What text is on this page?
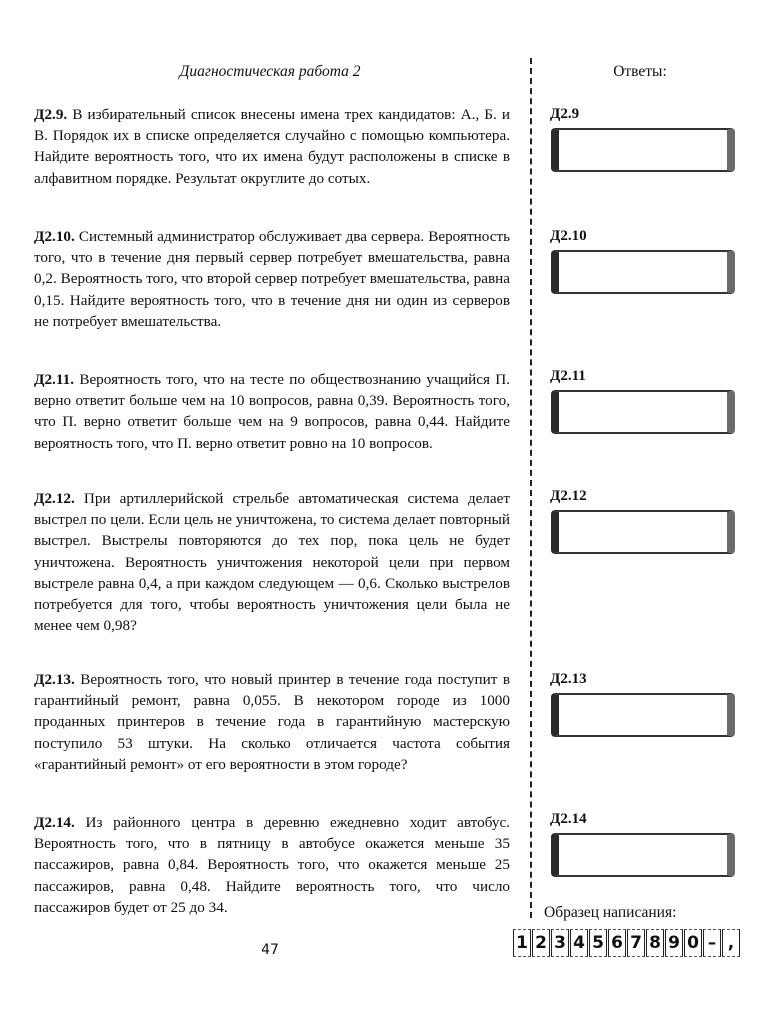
Диагностическая работа 2	Ответы:
Д2.9. В избирательный список внесены имена трех кандидатов: А., Б. и В. Порядок их в списке определяется случайно с помощью компьютера. Найдите вероятность того, что их имена будут расположены в списке в алфавитном порядке. Результат округлите до сотых.
Д2.10. Системный администратор обслуживает два сервера. Вероятность того, что в течение дня первый сервер потребует вмешательства, равна 0,2. Вероятность того, что второй сервер потребует вмешательства, равна 0,15. Найдите вероятность того, что в течение дня ни один из серверов не потребует вмешательства.
Д2.11. Вероятность того, что на тесте по обществознанию учащийся П. верно ответит больше чем на 10 вопросов, равна 0,39. Вероятность того, что П. верно ответит больше чем на 9 вопросов, равна 0,44. Найдите вероятность того, что П. верно ответит ровно на 10 вопросов.
Д2.12. При артиллерийской стрельбе автоматическая система делает выстрел по цели. Если цель не уничтожена, то система делает повторный выстрел. Выстрелы повторяются до тех пор, пока цель не будет уничтожена. Вероятность уничтожения некоторой цели при первом выстреле равна 0,4, а при каждом следующем — 0,6. Сколько выстрелов потребуется для того, чтобы вероятность уничтожения цели была не менее чем 0,98?
Д2.13. Вероятность того, что новый принтер в течение года поступит в гарантийный ремонт, равна 0,055. В некотором городе из 1000 проданных принтеров в течение года в гарантийную мастерскую поступило 53 штуки. На сколько отличается частота события «гарантийный ремонт» от его вероятности в этом городе?
Д2.14. Из районного центра в деревню ежедневно ходит автобус. Вероятность того, что в пятницу в автобусе окажется меньше 35 пассажиров, равна 0,84. Вероятность того, что окажется меньше 25 пассажиров, равна 0,48. Найдите вероятность того, что число пассажиров будет от 25 до 34.
Д2.9
Д2.10
Д2.11
Д2.12
Д2.13
Д2.14
Образец написания:
1 2 3 4 5 6 7 8 9 0 – ,
47
